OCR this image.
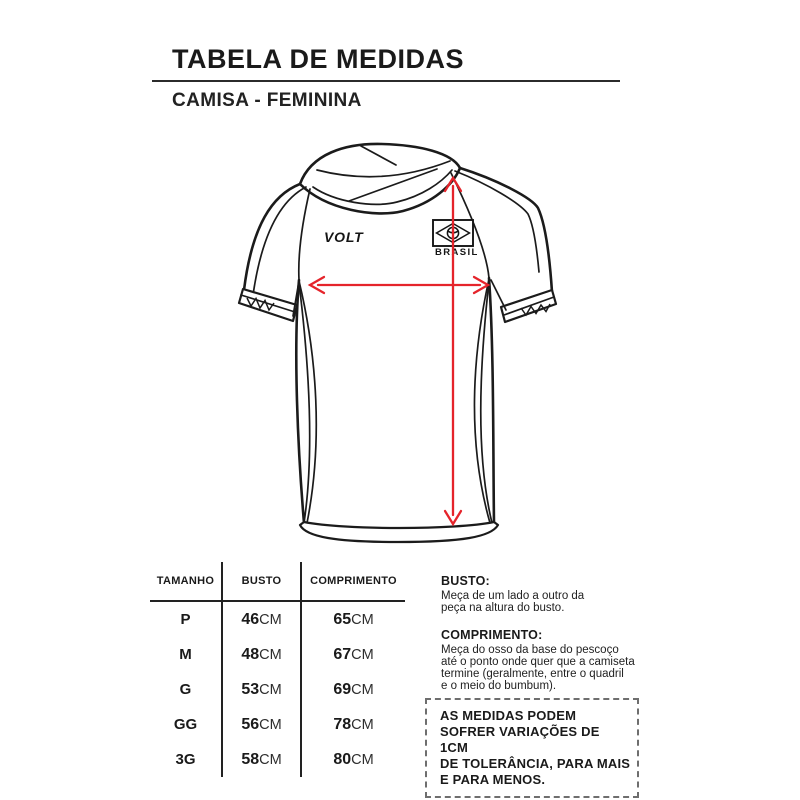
TABELA DE MEDIDAS
CAMISA - FEMININA
VOLT
BRASIL
TAMANHO	BUSTO	COMPRIMENTO
P	46 CM	65 CM
M	48 CM	67 CM
G	53 CM	69 CM
GG	56 CM	78 CM
3G	58 CM	80 CM
BUSTO:
Meça de um lado a outro da
peça na altura do busto.
COMPRIMENTO:
Meça do osso da base do pescoço
até o ponto onde quer que a camiseta
termine (geralmente, entre o quadril
e o meio do bumbum).
AS MEDIDAS PODEM
SOFRER VARIAÇÕES DE 1CM
DE TOLERÂNCIA, PARA MAIS
E PARA MENOS.
